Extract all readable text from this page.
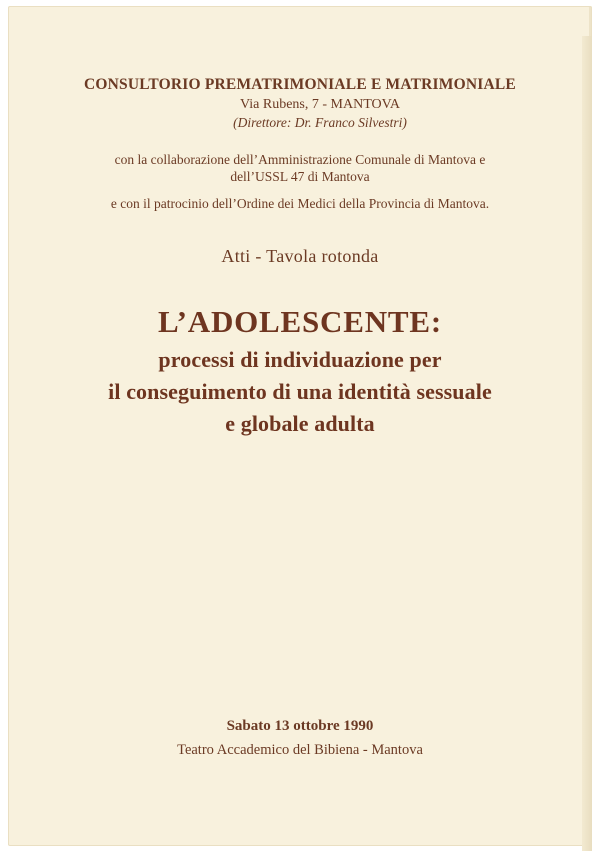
CONSULTORIO PREMATRIMONIALE E MATRIMONIALE
Via Rubens, 7 - MANTOVA
(Direttore: Dr. Franco Silvestri)
con la collaborazione dell’Amministrazione Comunale di Mantova e
dell’USSL 47 di Mantova
e con il patrocinio dell’Ordine dei Medici della Provincia di Mantova.
Atti - Tavola rotonda
L’ADOLESCENTE:
processi di individuazione per
il conseguimento di una identità sessuale
e globale adulta
Sabato 13 ottobre 1990
Teatro Accademico del Bibiena - Mantova
